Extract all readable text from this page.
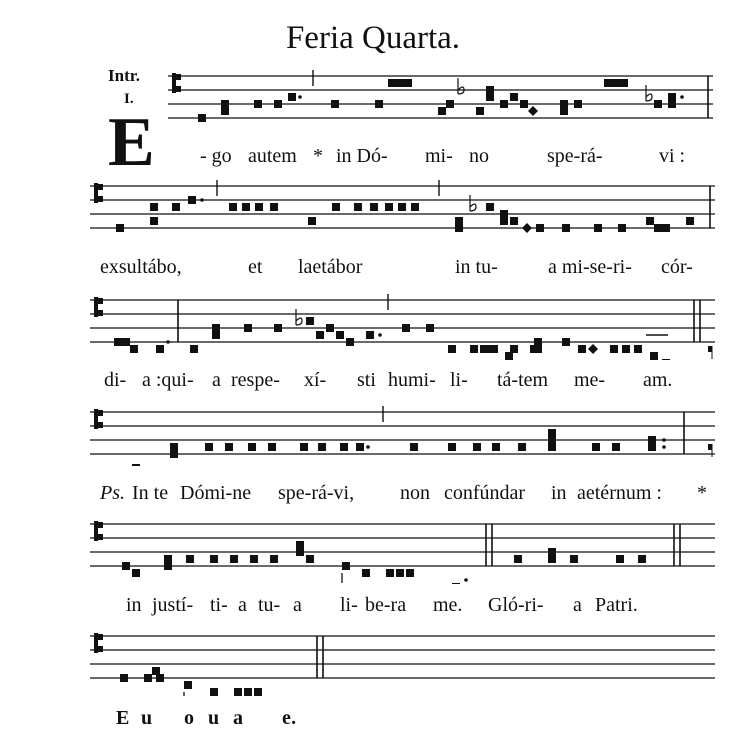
Feria Quarta.
Intr.
I.
E - go autem * in Dó- mi- no	spe-rá-	vi :
exsultábo,	et laetábor	in tu-	a mi-se-ri- cór-
di- a :qui- a respe- xí- sti humi- li- tá-tem me- am.
Ps. In te Dómi-ne spe-rá-vi, non confúndar in aetérnum : *
in justí- ti- a tu- a li- be-ra me. Gló-ri- a Patri.
E u o u a e.
